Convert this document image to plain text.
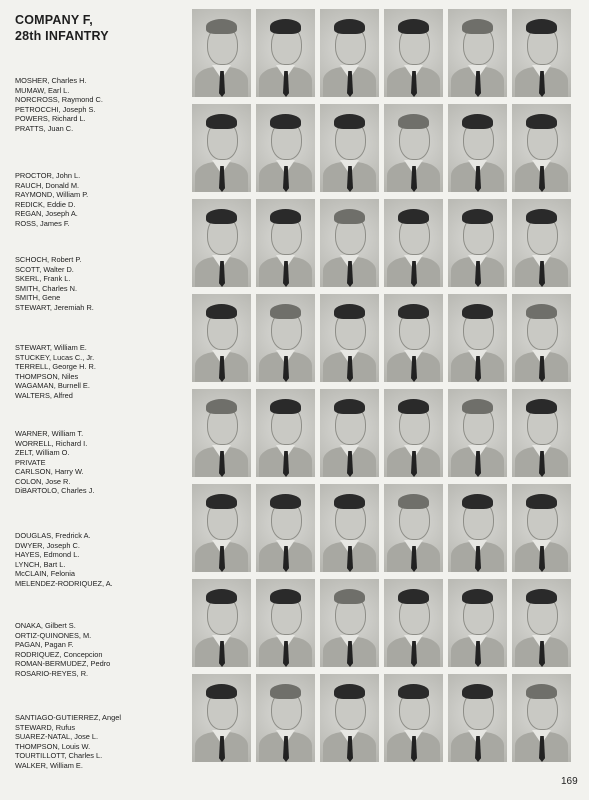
COMPANY F,
28th INFANTRY
MOSHER, Charles H.
MUMAW, Earl L.
NORCROSS, Raymond C.
PETROCCHI, Joseph S.
POWERS, Richard L.
PRATTS, Juan C.
PROCTOR, John L.
RAUCH, Donald M.
RAYMOND, William P.
REDICK, Eddie D.
REGAN, Joseph A.
ROSS, James F.
SCHOCH, Robert P.
SCOTT, Walter D.
SKERL, Frank L.
SMITH, Charles N.
SMITH, Gene
STEWART, Jeremiah R.
STEWART, William E.
STUCKEY, Lucas C., Jr.
TERRELL, George H. R.
THOMPSON, Niles
WAGAMAN, Burnell E.
WALTERS, Alfred
WARNER, William T.
WORRELL, Richard I.
ZELT, William O.
PRIVATE
CARLSON, Harry W.
COLON, Jose R.
DiBARTOLO, Charles J.
DOUGLAS, Fredrick A.
DWYER, Joseph C.
HAYES, Edmond L.
LYNCH, Bart L.
McCLAIN, Felonia
MELENDEZ-RODRIQUEZ, A.
ONAKA, Gilbert S.
ORTIZ-QUINONES, M.
PAGAN, Pagan F.
RODRIQUEZ, Concepcion
ROMAN-BERMUDEZ, Pedro
ROSARIO-REYES, R.
SANTIAGO-GUTIERREZ, Angel
STEWARD, Rufus
SUAREZ-NATAL, Jose L.
THOMPSON, Louis W.
TOURTILLOTT, Charles L.
WALKER, William E.
169
